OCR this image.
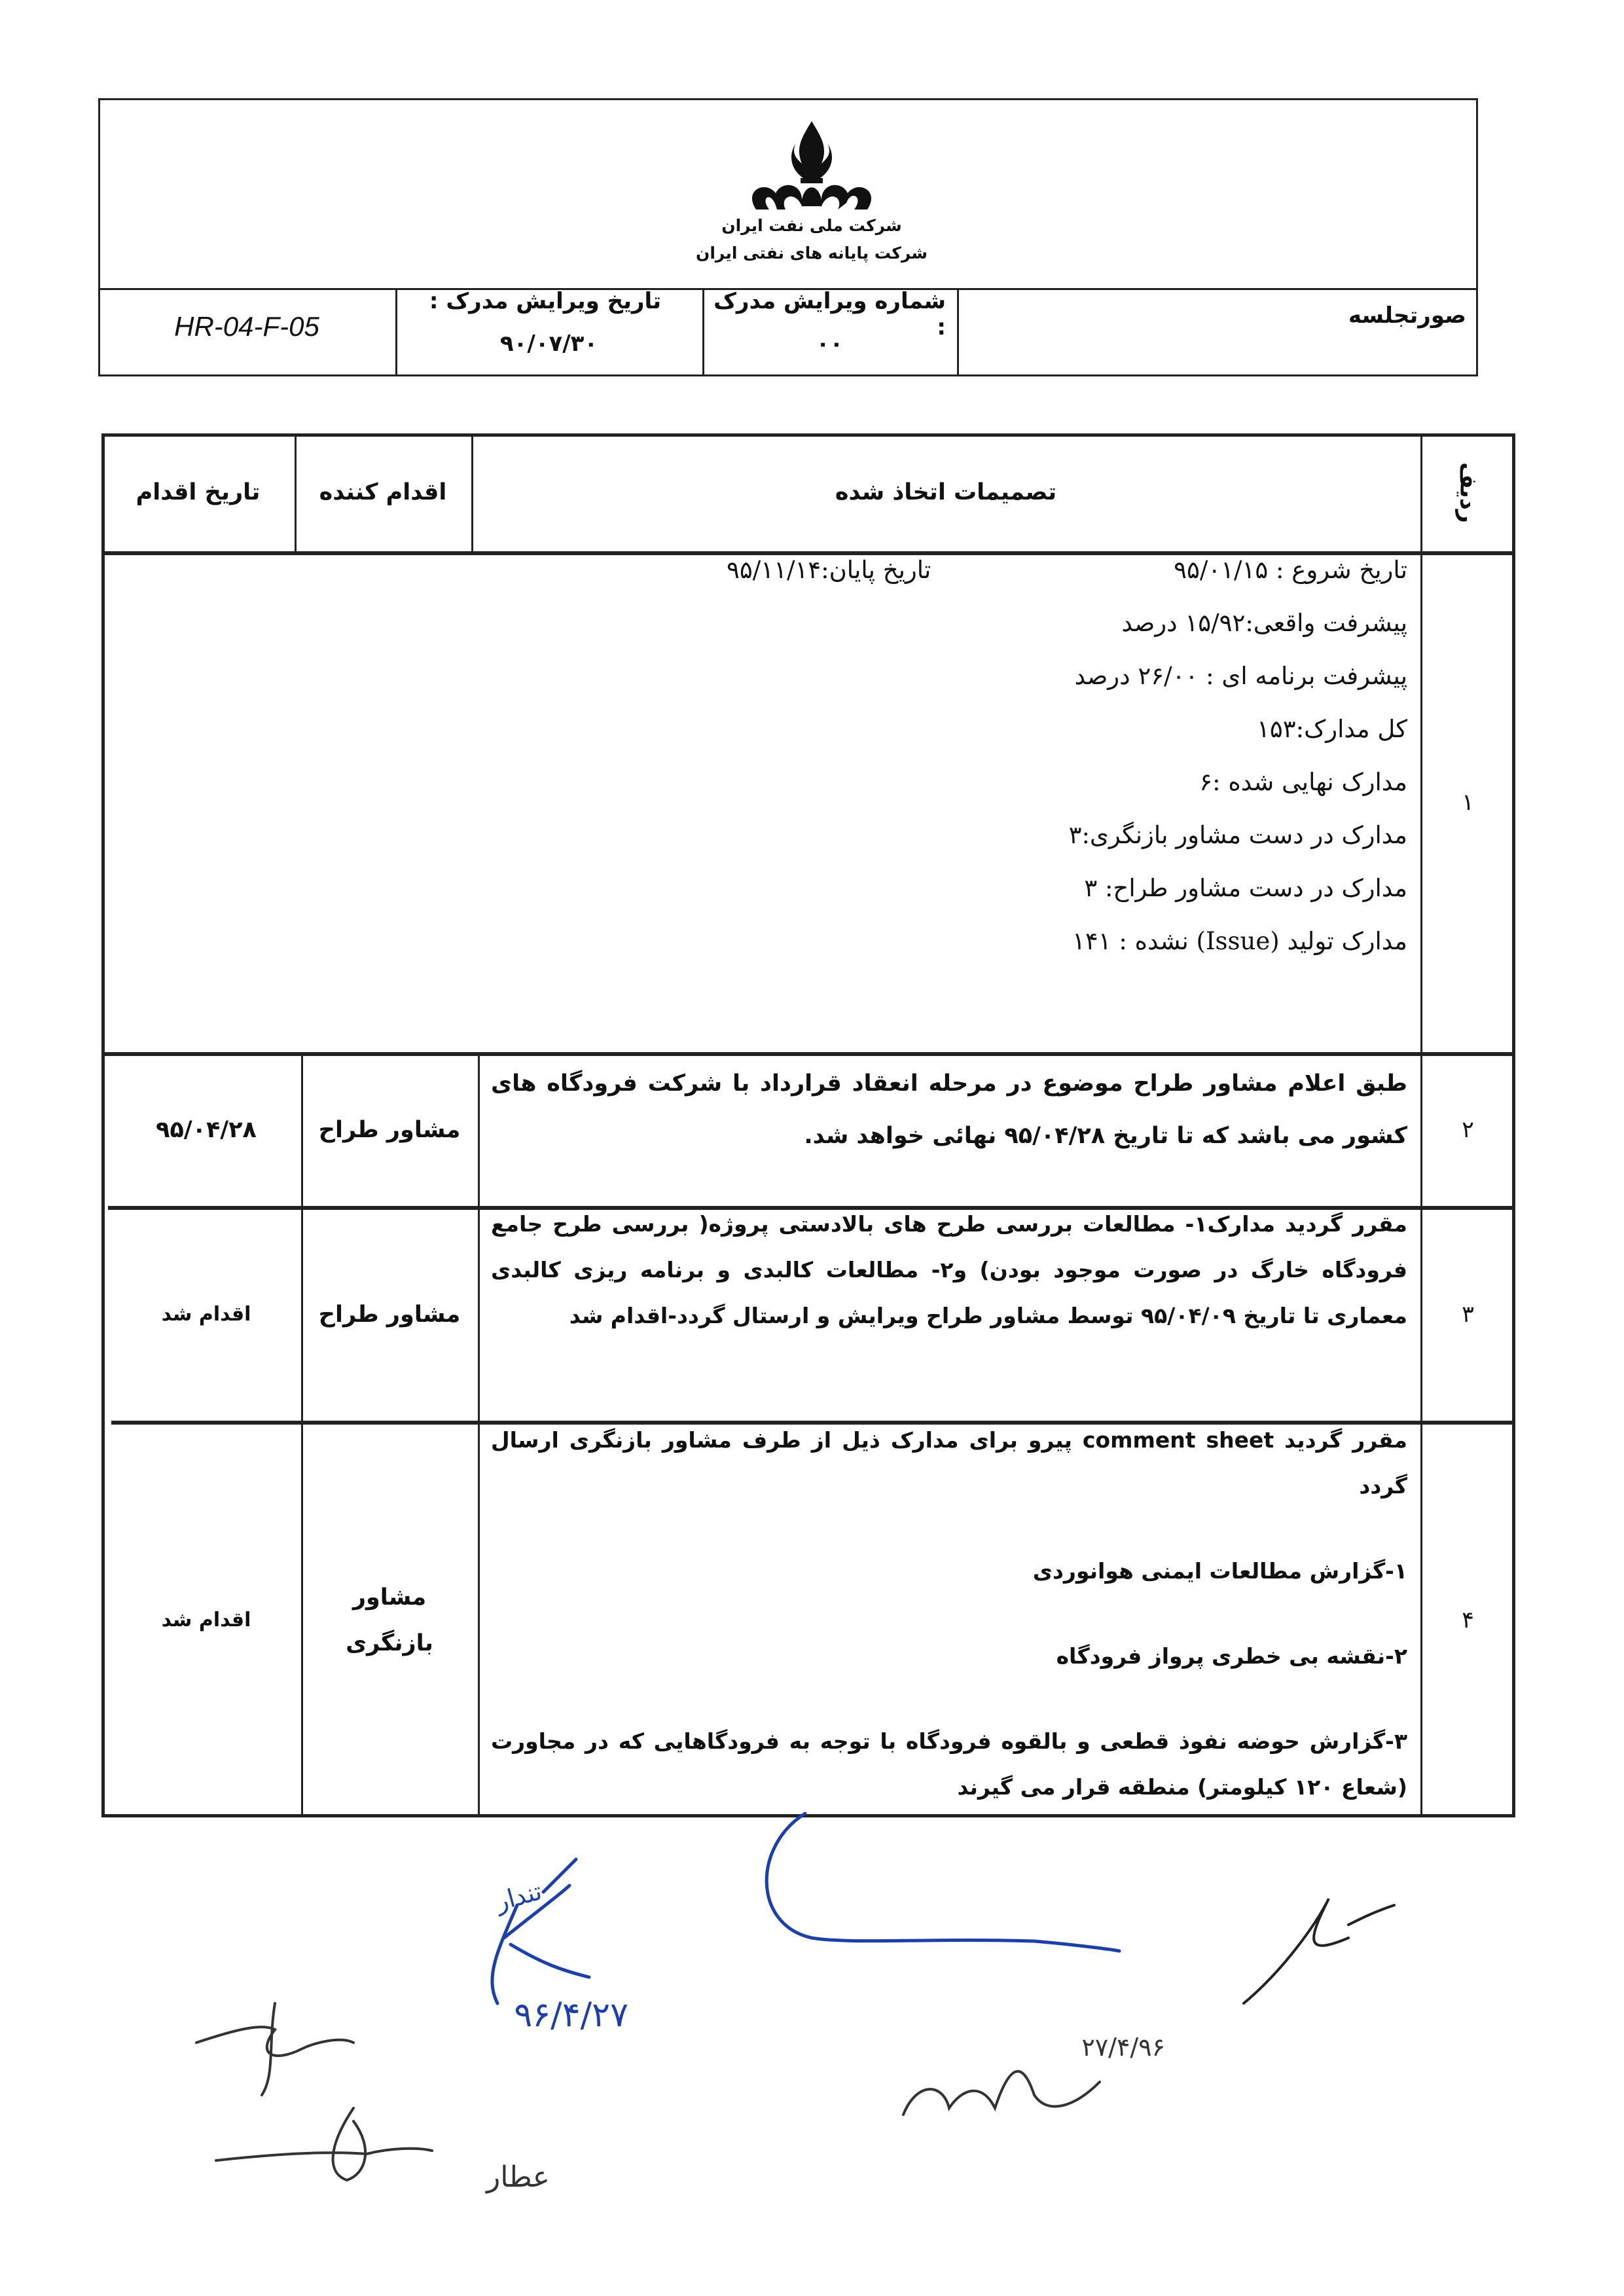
شرکت ملی نفت ایران
شرکت پایانه های نفتی ایران
صورتجلسه
شماره ویرایش مدرک :
۰۰
تاریخ ویرایش مدرک :
۹۰/۰۷/۳۰
HR-04-F-05
ردیف
تصمیمات اتخاذ شده
اقدام کننده
تاریخ اقدام
۱
تاریخ شروع : ۹۵/۰۱/۱۵
تاریخ پایان:۹۵/۱۱/۱۴
پیشرفت واقعی:۱۵/۹۲ درصد
پیشرفت برنامه ای : ۲۶/۰۰ درصد
کل مدارک:۱۵۳
مدارک نهایی شده :۶
مدارک در دست مشاور بازنگری:۳
مدارک در دست مشاور طراح: ۳
مدارک تولید (Issue) نشده : ۱۴۱
۲
طبق اعلام مشاور طراح موضوع در مرحله انعقاد قرارداد با شرکت فرودگاه های کشور می باشد که تا تاریخ ۹۵/۰۴/۲۸ نهائی خواهد شد.
مشاور طراح
۹۵/۰۴/۲۸
۳
مقرر گردید مدارک۱- مطالعات بررسی طرح های بالادستی پروژه( بررسی طرح جامع فرودگاه خارگ در صورت موجود بودن) و۲- مطالعات کالبدی و برنامه ریزی کالبدی معماری تا تاریخ ۹۵/۰۴/۰۹ توسط مشاور طراح ویرایش و ارستال گردد-اقدام شد
مشاور طراح
اقدام شد
۴
مقرر گردید comment sheet پیرو برای مدارک ذیل از طرف مشاور بازنگری ارسال گردد
۱-گزارش مطالعات ایمنی هوانوردی
۲-نقشه بی خطری پرواز فرودگاه
۳-گزارش حوضه نفوذ قطعی و بالقوه فرودگاه با توجه به فرودگاهایی که در مجاورت (شعاع ۱۲۰ کیلومتر) منطقه قرار می گیرند
مشاور بازنگری
اقدام شد
تندار
۹۶/۴/۲۷
۲۷/۴/۹۶
عطار
